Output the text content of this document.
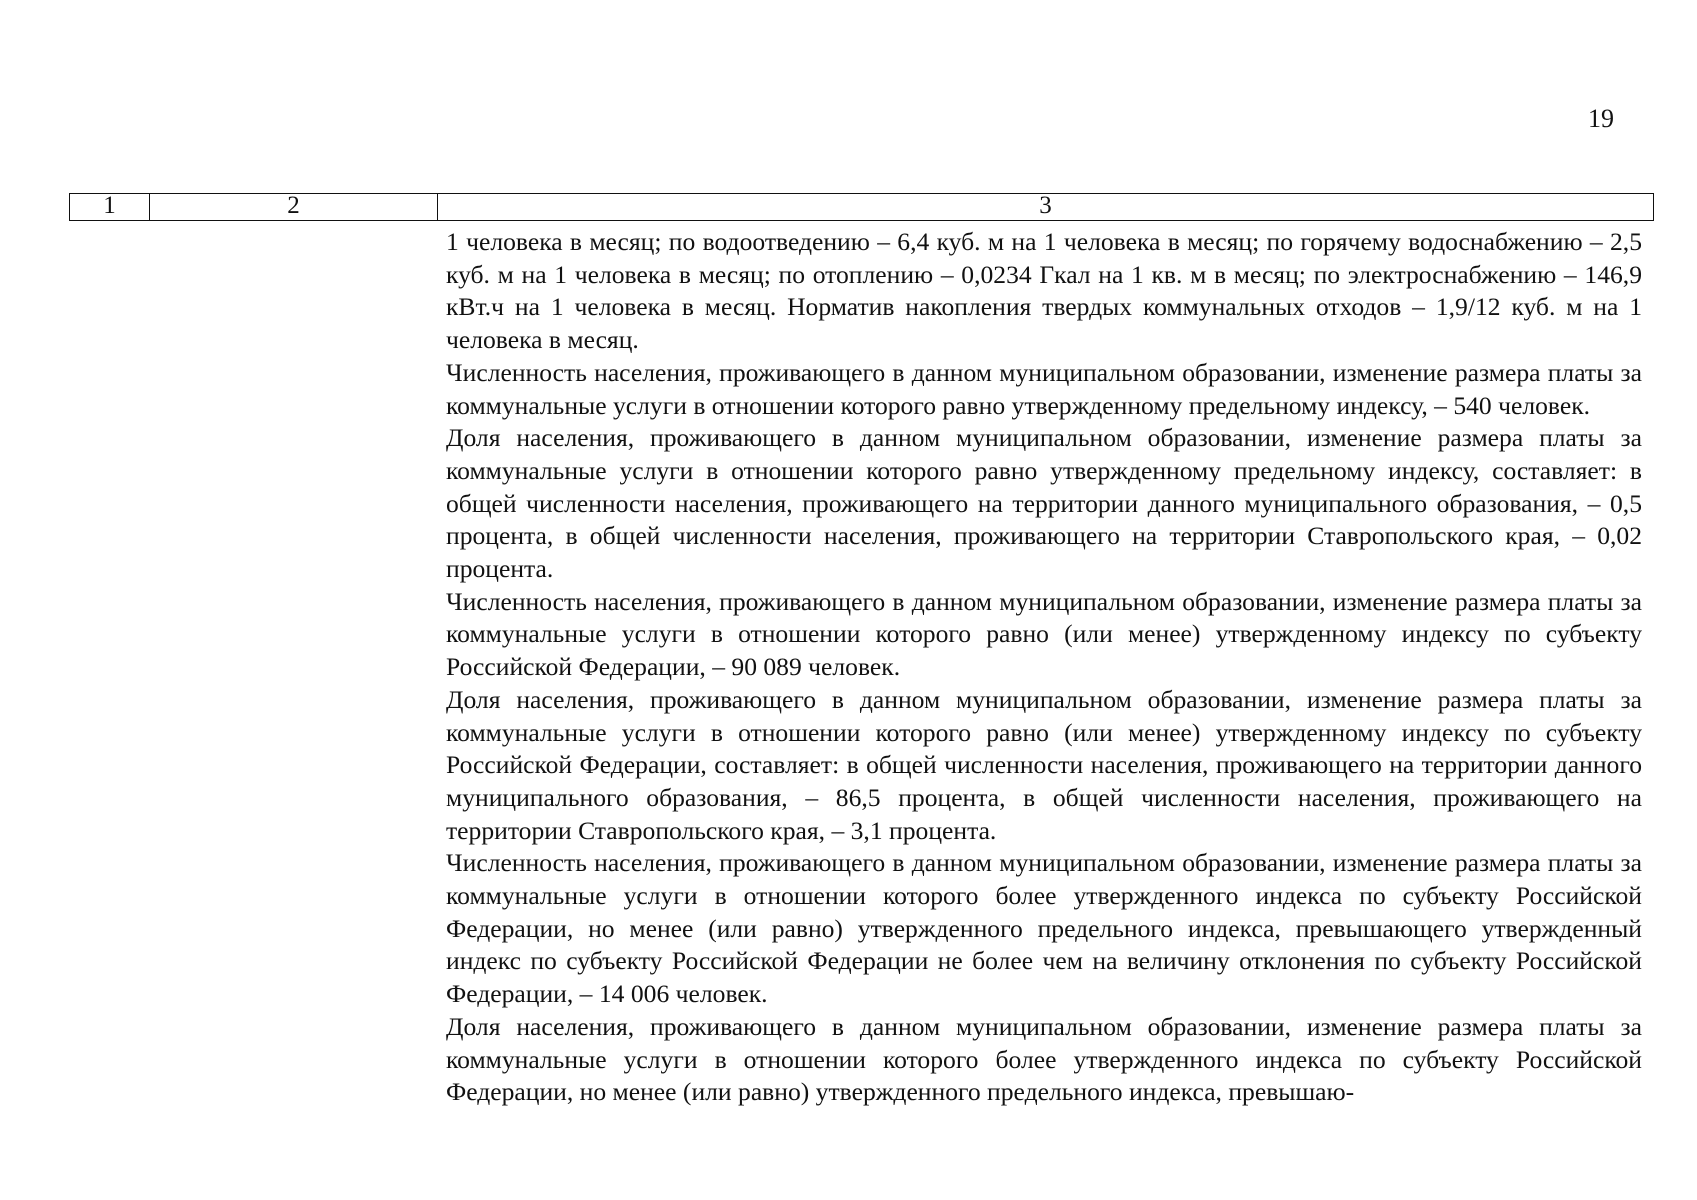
19
1	2	3

1 человека в месяц; по водоотведению – 6,4 куб. м на 1 человека в месяц; по горячему водоснабжению – 2,5 куб. м на 1 человека в месяц; по отоплению – 0,0234 Гкал на 1 кв. м в месяц; по электроснабжению – 146,9 кВт.ч на 1 человека в месяц. Норматив накопления твердых коммунальных отходов – 1,9/12 куб. м на 1 человека в месяц.

Численность населения, проживающего в данном муниципальном образовании, изменение размера платы за коммунальные услуги в отношении которого равно утвержденному предельному индексу, – 540 человек.

Доля населения, проживающего в данном муниципальном образовании, изменение размера платы за коммунальные услуги в отношении которого равно утвержденному предельному индексу, составляет: в общей численности населения, проживающего на территории данного муниципального образования, – 0,5 процента, в общей численности населения, проживающего на территории Ставропольского края, – 0,02 процента.

Численность населения, проживающего в данном муниципальном образовании, изменение размера платы за коммунальные услуги в отношении которого равно (или менее) утвержденному индексу по субъекту Российской Федерации, – 90 089 человек.

Доля населения, проживающего в данном муниципальном образовании, изменение размера платы за коммунальные услуги в отношении которого равно (или менее) утвержденному индексу по субъекту Российской Федерации, составляет: в общей численности населения, проживающего на территории данного муниципального образования, – 86,5 процента, в общей численности населения, проживающего на территории Ставропольского края, – 3,1 процента.

Численность населения, проживающего в данном муниципальном образовании, изменение размера платы за коммунальные услуги в отношении которого более утвержденного индекса по субъекту Российской Федерации, но менее (или равно) утвержденного предельного индекса, превышающего утвержденный индекс по субъекту Российской Федерации не более чем на величину отклонения по субъекту Российской Федерации, – 14 006 человек.

Доля населения, проживающего в данном муниципальном образовании, изменение размера платы за коммунальные услуги в отношении которого более утвержденного индекса по субъекту Российской Федерации, но менее (или равно) утвержденного предельного индекса, превышаю-
